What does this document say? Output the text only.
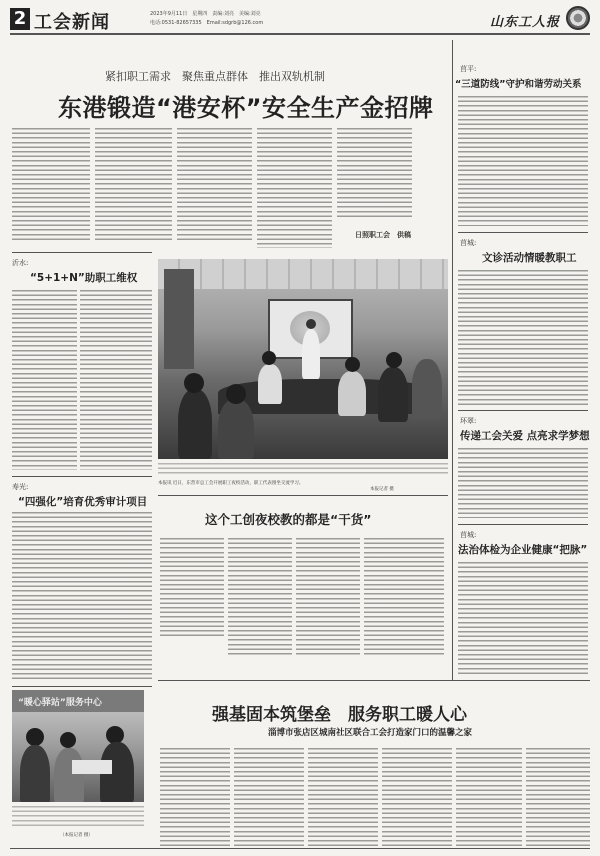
2 工会新闻	2023年9月11日　星期四　责编:刘亮　美编:刘亮
电话:0531-82657335　Email:sdgrb@126.com	山东工人报
紧扣职工需求　聚焦重点群体　推出双轨机制
东港锻造“港安杯”安全生产金招牌
日照职工会　供稿
沂水:
“5+1+N”助职工维权
寿光:
“四强化”培育优秀审计项目
本报讯 近日，东营市总工会开展职工夜校活动，职工代表围坐交流学习。
本报记者 摄
这个工创夜校教的都是“干货”
莒平:
“三道防线”守护和谐劳动关系
莒城:
文诊活动情暖教职工
环翠:
传递工会关爱 点亮求学梦想
莒城:
法治体检为企业健康“把脉”
强基固本筑堡垒　服务职工暖人心
淄博市张店区城南社区联合工会打造家门口的温馨之家
“暖心驿站”服务中心
（本报记者 摄）
